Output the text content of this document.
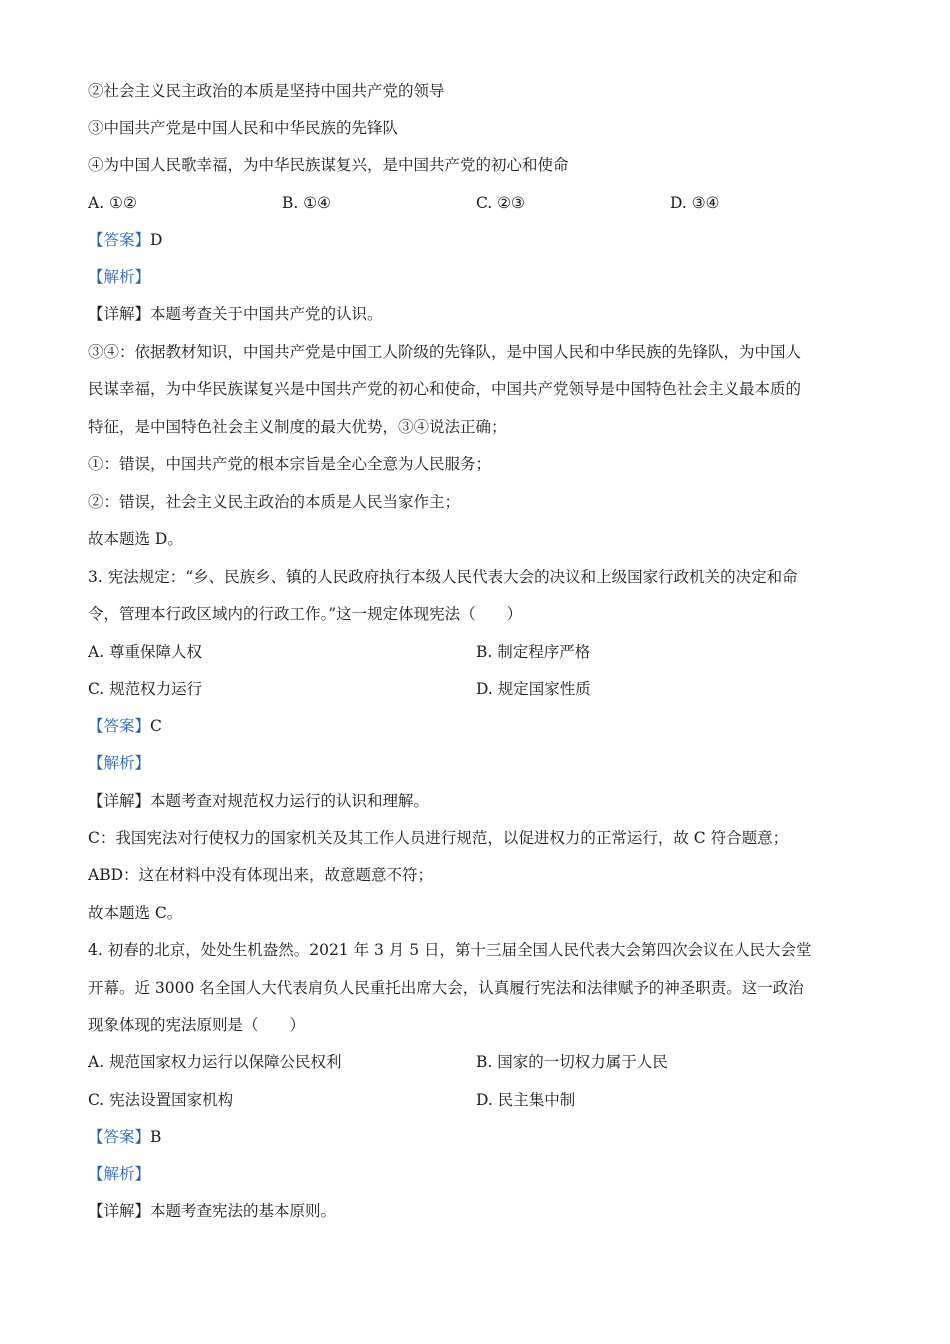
②社会主义民主政治的本质是坚持中国共产党的领导
③中国共产党是中国人民和中华民族的先锋队
④为中国人民歌幸福，为中华民族谋复兴，是中国共产党的初心和使命
A. ①②	B. ①④	C. ②③	D. ③④
【答案】D
【解析】
【详解】本题考查关于中国共产党的认识。
③④：依据教材知识，中国共产党是中国工人阶级的先锋队，是中国人民和中华民族的先锋队，为中国人
民谋幸福，为中华民族谋复兴是中国共产党的初心和使命，中国共产党领导是中国特色社会主义最本质的
特征，是中国特色社会主义制度的最大优势，③④说法正确；
①：错误，中国共产党的根本宗旨是全心全意为人民服务；
②：错误，社会主义民主政治的本质是人民当家作主；
故本题选 D。
3. 宪法规定：“乡、民族乡、镇的人民政府执行本级人民代表大会的决议和上级国家行政机关的决定和命
令，管理本行政区域内的行政工作。”这一规定体现宪法（　　）
A. 尊重保障人权	B. 制定程序严格
C. 规范权力运行	D. 规定国家性质
【答案】C
【解析】
【详解】本题考查对规范权力运行的认识和理解。
C：我国宪法对行使权力的国家机关及其工作人员进行规范，以促进权力的正常运行，故 C 符合题意；
ABD：这在材料中没有体现出来，故意题意不符；
故本题选 C。
4. 初春的北京，处处生机盎然。2021 年 3 月 5 日，第十三届全国人民代表大会第四次会议在人民大会堂
开幕。近 3000 名全国人大代表肩负人民重托出席大会，认真履行宪法和法律赋予的神圣职责。这一政治
现象体现的宪法原则是（　　）
A. 规范国家权力运行以保障公民权利	B. 国家的一切权力属于人民
C. 宪法设置国家机构	D. 民主集中制
【答案】B
【解析】
【详解】本题考查宪法的基本原则。
